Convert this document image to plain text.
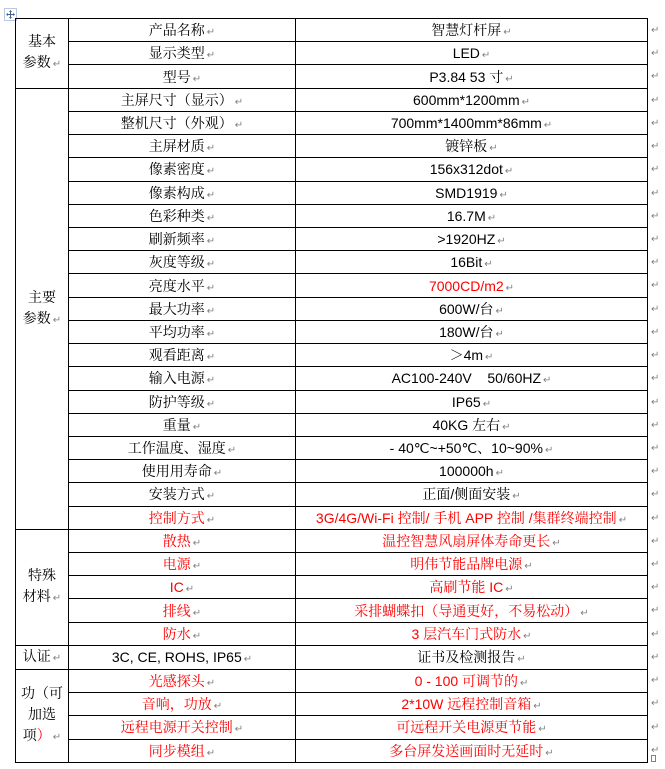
基本
参数 ↵	产品名称 ↵	智慧灯杆屏 ↵
	显示类型 ↵	LED ↵
	型号 ↵	P3.84 53 寸 ↵

主要
参数 ↵	主屏尺寸（显示） ↵	600mm*1200mm ↵
	整机尺寸（外观） ↵	700mm*1400mm*86mm ↵
	主屏材质 ↵	镀锌板 ↵
	像素密度 ↵	156x312dot ↵
	像素构成 ↵	SMD1919 ↵
	色彩种类 ↵	16.7M ↵
	刷新频率 ↵	>1920HZ ↵
	灰度等级 ↵	16Bit ↵
	亮度水平 ↵	7000CD/m2 ↵
	最大功率 ↵	600W/台 ↵
	平均功率 ↵	180W/台 ↵
	观看距离 ↵	＞4m ↵
	输入电源 ↵	AC100-240V    50/60HZ ↵
	防护等级 ↵	IP65 ↵
	重量 ↵	40KG 左右 ↵
	工作温度、湿度 ↵	- 40℃~+50℃、10~90% ↵
	使用用寿命 ↵	100000h ↵
	安装方式 ↵	正面/侧面安装 ↵
	控制方式 ↵	3G/4G/Wi-Fi 控制/ 手机 APP 控制 /集群终端控制 ↵

特殊
材料 ↵	散热 ↵	温控智慧风扇屏体寿命更长 ↵
	电源 ↵	明伟节能品牌电源 ↵
	IC ↵	高刷节能 IC ↵
	排线 ↵	采排蝴蝶扣（导通更好，不易松动） ↵
	防水 ↵	3 层汽车门式防水 ↵

认证 ↵	3C, CE, ROHS, IP65 ↵	证书及检测报告 ↵

功（可
加选
项） ↵	光感探头 ↵	0 - 100 可调节的 ↵
	音响，功放 ↵	2*10W 远程控制音箱 ↵
	远程电源开关控制 ↵	可远程开关电源更节能 ↵
	同步模组 ↵	多台屏发送画面时无延时 ↵
↵
↵
↵
↵
↵
↵
↵
↵
↵
↵
↵
↵
↵
↵
↵
↵
↵
↵
↵
↵
↵
↵
↵
↵
↵
↵
↵
↵
↵
↵
↵
↵
